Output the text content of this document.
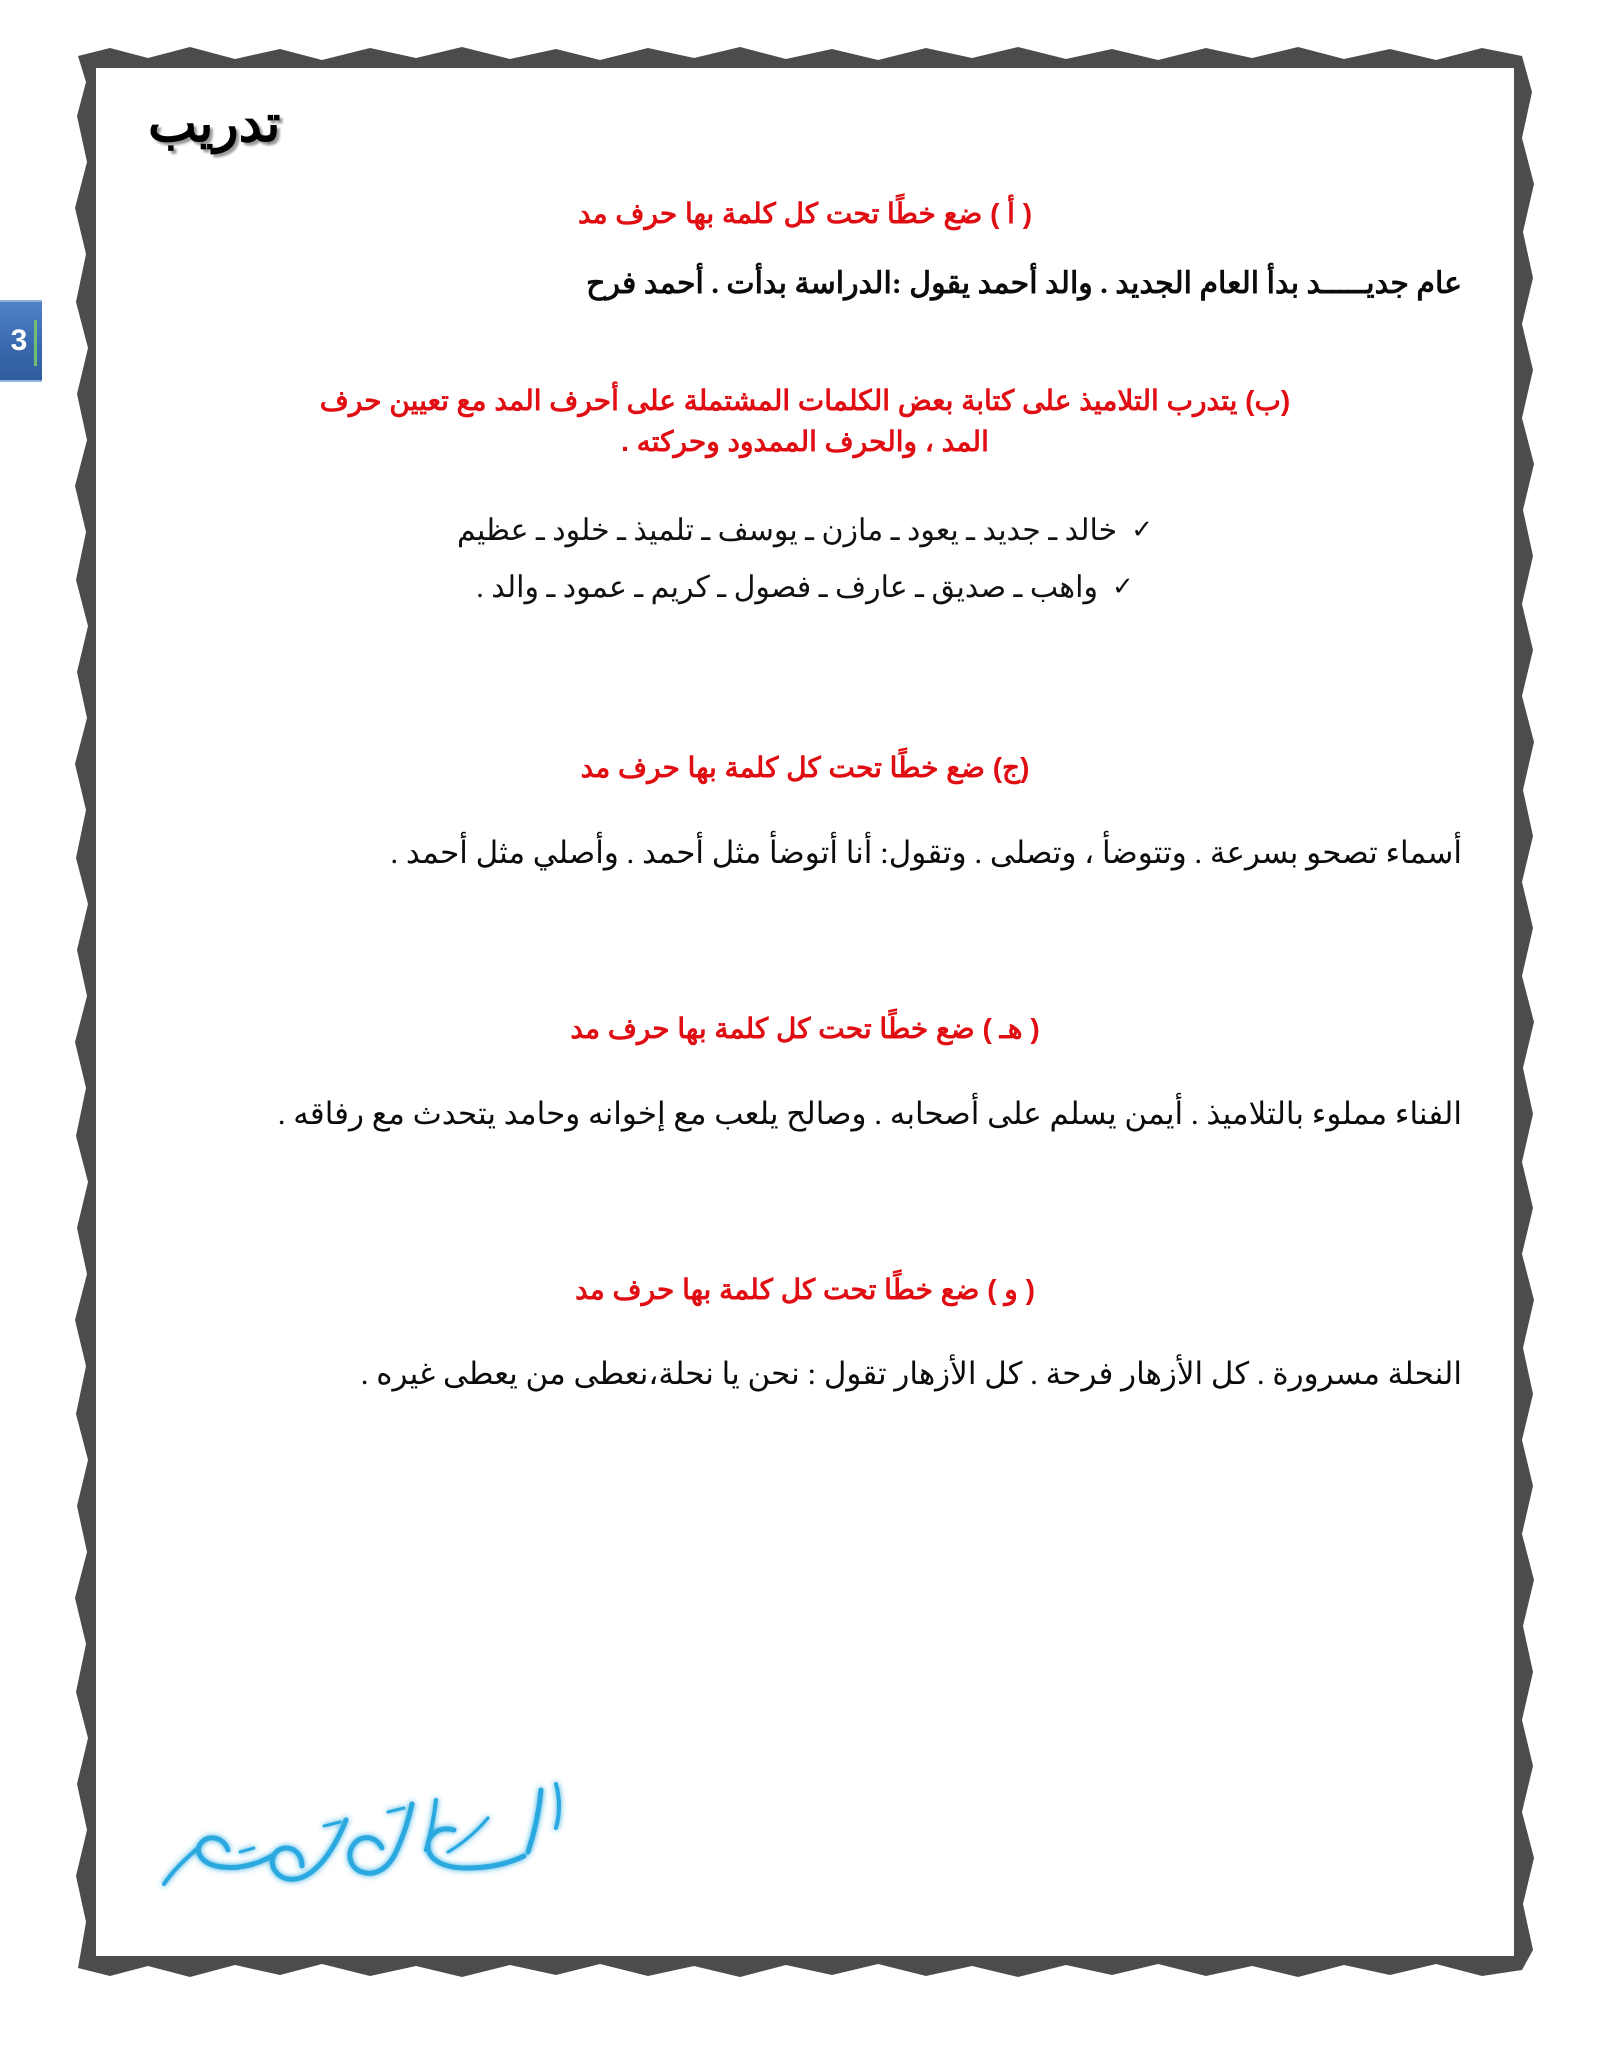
3
تدريب

( أ ) ضع خطًا تحت كل كلمة بها حرف مد

عام جديـــــد بدأ العام الجديد . والد أحمد يقول :الدراسة بدأت . أحمد فرح

(ب) يتدرب التلاميذ على كتابة بعض الكلمات المشتملة على أحرف المد مع تعيين حرف

المد ، والحرف الممدود وحركته .

✓خالد ـ جديد ـ يعود ـ مازن ـ يوسف ـ تلميذ ـ خلود ـ عظيم
✓واهب ـ صديق ـ عارف ـ فصول ـ كريم ـ عمود ـ والد .

(ج) ضع خطًا تحت كل كلمة بها حرف مد

أسماء تصحو بسرعة . وتتوضأ ، وتصلى . وتقول: أنا أتوضأ مثل أحمد . وأصلي مثل أحمد .

( هـ ) ضع خطًا تحت كل كلمة بها حرف مد

الفناء مملوء بالتلاميذ . أيمن يسلم على أصحابه . وصالح يلعب مع إخوانه وحامد يتحدث مع رفاقه .

( و ) ضع خطًا تحت كل كلمة بها حرف مد

النحلة مسرورة . كل الأزهار فرحة . كل الأزهار تقول : نحن يا نحلة،نعطى من يعطى غيره .
